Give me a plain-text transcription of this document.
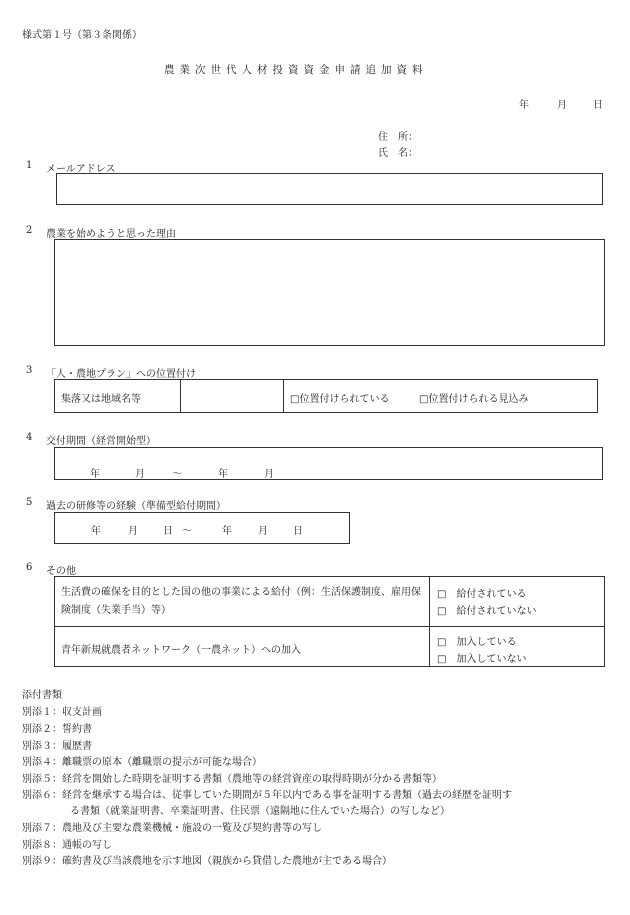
様式第１号（第３条関係）
農業次世代人材投資資金申請追加資料
年	月	日
住　所：
氏　名：
1 メールアドレス
2 農業を始めようと思った理由
3 「人・農地プラン」への位置付け
集落又は地域名等	□位置付けられている	□位置付けられる見込み
4 交付期間（経営開始型）
年	月	～	年	月
5 過去の研修等の経験（準備型給付期間）
年	月	日 ～	年	月	日
6 その他
生活費の確保を目的とした国の他の事業による給付（例：生活保護制度、雇用保険制度（失業手当）等）
□　給付されている
□　給付されていない
青年新規就農者ネットワーク（一農ネット）への加入
□　加入している
□　加入していない
添付書類
別添１：収支計画
別添２：誓約書
別添３：履歴書
別添４：離職票の原本（離職票の提示が可能な場合）
別添５：経営を開始した時期を証明する書類（農地等の経営資産の取得時期が分かる書類等）
別添６：経営を継承する場合は、従事していた期間が５年以内である事を証明する書類（過去の経歴を証明す
る書類（就業証明書、卒業証明書、住民票（遠隔地に住んでいた場合）の写しなど）
別添７：農地及び主要な農業機械・施設の一覧及び契約書等の写し
別添８：通帳の写し
別添９：確約書及び当該農地を示す地図（親族から貸借した農地が主である場合）
